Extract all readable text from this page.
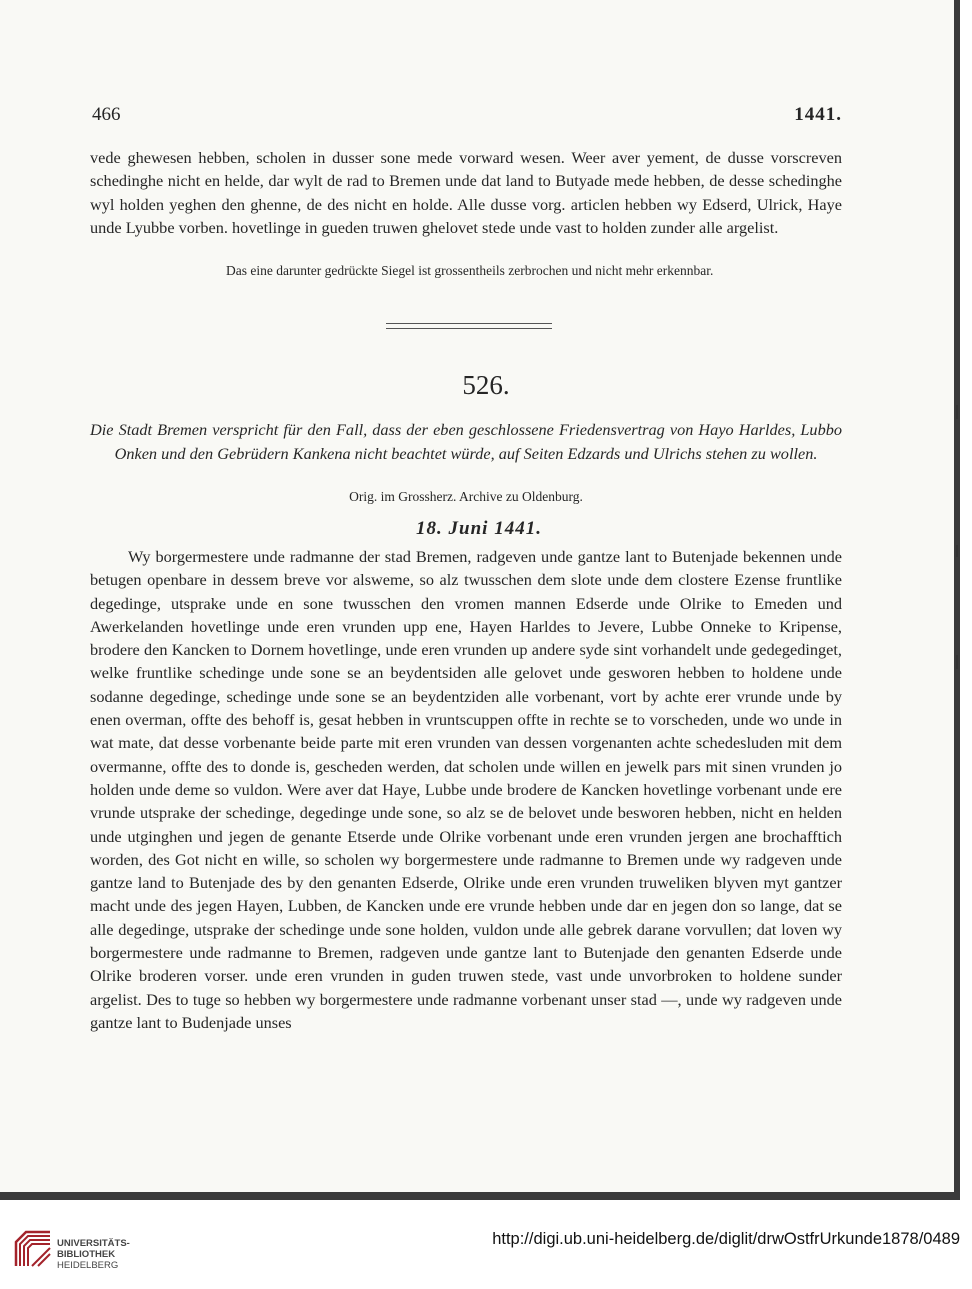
466	1441.

vede ghewesen hebben, scholen in dusser sone mede vorward wesen. Weer aver yement, de dusse vorscreven schedinghe nicht en helde, dar wylt de rad to Bremen unde dat land to Butyade mede hebben, de desse schedinghe wyl holden yeghen den ghenne, de des nicht en holde. Alle dusse vorg. articlen hebben wy Edserd, Ulrick, Haye unde Lyubbe vorben. hovetlinge in gueden truwen ghelovet stede unde vast to holden zunder alle argelist.

Das eine darunter gedrückte Siegel ist grossentheils zerbrochen und nicht mehr erkennbar.
526.
Die Stadt Bremen verspricht für den Fall, dass der eben geschlossene Friedensvertrag von Hayo Harldes, Lubbo Onken und den Gebrüdern Kankena nicht beachtet würde, auf Seiten Edzards und Ulrichs stehen zu wollen.
Orig. im Grossherz. Archive zu Oldenburg.
18. Juni 1441.

Wy borgermestere unde radmanne der stad Bremen, radgeven unde gantze lant to Butenjade bekennen unde betugen openbare in dessem breve vor alsweme, so alz twusschen dem slote unde dem clostere Ezense fruntlike degedinge, utsprake unde en sone twusschen den vromen mannen Edserde unde Olrike to Emeden und Awerkelanden hovetlinge unde eren vrunden upp ene, Hayen Harldes to Jevere, Lubbe Onneke to Kripense, brodere den Kancken to Dornem hovetlinge, unde eren vrunden up andere syde sint vorhandelt unde gedegedinget, welke fruntlike schedinge unde sone se an beydentsiden alle gelovet unde gesworen hebben to holdene unde sodanne degedinge, schedinge unde sone se an beydentziden alle vorbenant, vort by achte erer vrunde unde by enen overman, offte des behoff is, gesat hebben in vruntscuppen offte in rechte se to vorscheden, unde wo unde in wat mate, dat desse vorbenante beide parte mit eren vrunden van dessen vorgenanten achte schedesluden mit dem overmanne, offte des to donde is, gescheden werden, dat scholen unde willen en jewelk pars mit sinen vrunden jo holden unde deme so vuldon. Were aver dat Haye, Lubbe unde brodere de Kancken hovetlinge vorbenant unde ere vrunde utsprake der schedinge, degedinge unde sone, so alz se de belovet unde besworen hebben, nicht en helden unde utginghen und jegen de genante Etserde unde Olrike vorbenant unde eren vrunden jergen ane brochafftich worden, des Got nicht en wille, so scholen wy borgermestere unde radmanne to Bremen unde wy radgeven unde gantze land to Butenjade des by den genanten Edserde, Olrike unde eren vrunden truweliken blyven myt gantzer macht unde des jegen Hayen, Lubben, de Kancken unde ere vrunde hebben unde dar en jegen don so lange, dat se alle degedinge, utsprake der schedinge unde sone holden, vuldon unde alle gebrek darane vorvullen; dat loven wy borgermestere unde radmanne to Bremen, radgeven unde gantze lant to Butenjade den genanten Edserde unde Olrike broderen vorser. unde eren vrunden in guden truwen stede, vast unde unvorbroken to holdene sunder argelist. Des to tuge so hebben wy borgermestere unde radmanne vorbenant unser stad —, unde wy radgeven unde gantze lant to Budenjade unses

UNIVERSITÄTS-
BIBLIOTHEK
HEIDELBERG
http://digi.ub.uni-heidelberg.de/diglit/drwOstfrUrkunde1878/0489
